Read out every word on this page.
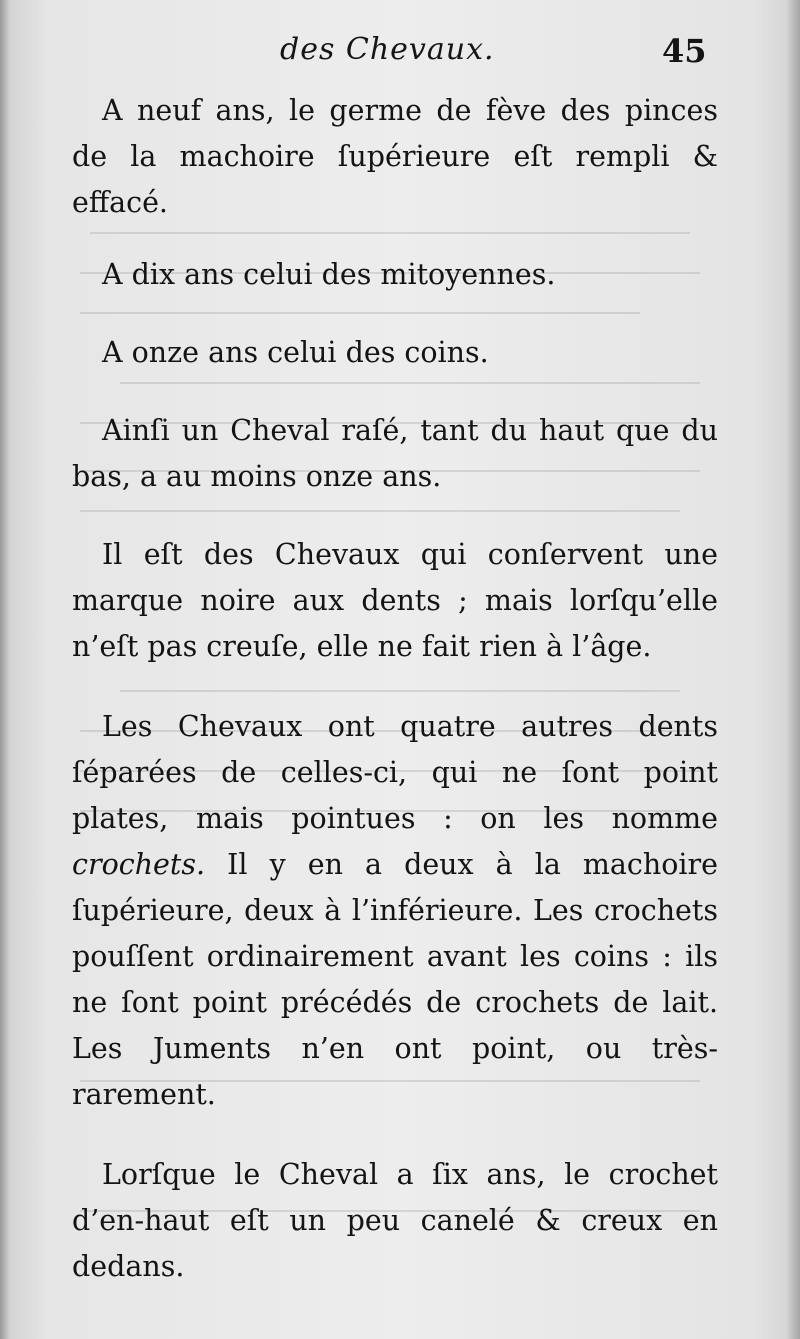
des Chevaux.	45

A neuf ans, le germe de fève des pinces de la machoire ſupérieure eſt rempli & effacé.

A dix ans celui des mitoyennes.

A onze ans celui des coins.

Ainſi un Cheval raſé, tant du haut que du bas, a au moins onze ans.

Il eſt des Chevaux qui conſervent une marque noire aux dents ; mais lorſqu’elle n’eſt pas creuſe, elle ne fait rien à l’âge.

Les Chevaux ont quatre autres dents ſéparées de celles-ci, qui ne ſont point plates, mais pointues : on les nomme crochets. Il y en a deux à la machoire ſupérieure, deux à l’inférieure. Les crochets pouſſent ordinairement avant les coins : ils ne ſont point précédés de crochets de lait. Les Juments n’en ont point, ou très-rarement.

Lorſque le Cheval a ſix ans, le crochet d’en-haut eſt un peu canelé & creux en dedans.
